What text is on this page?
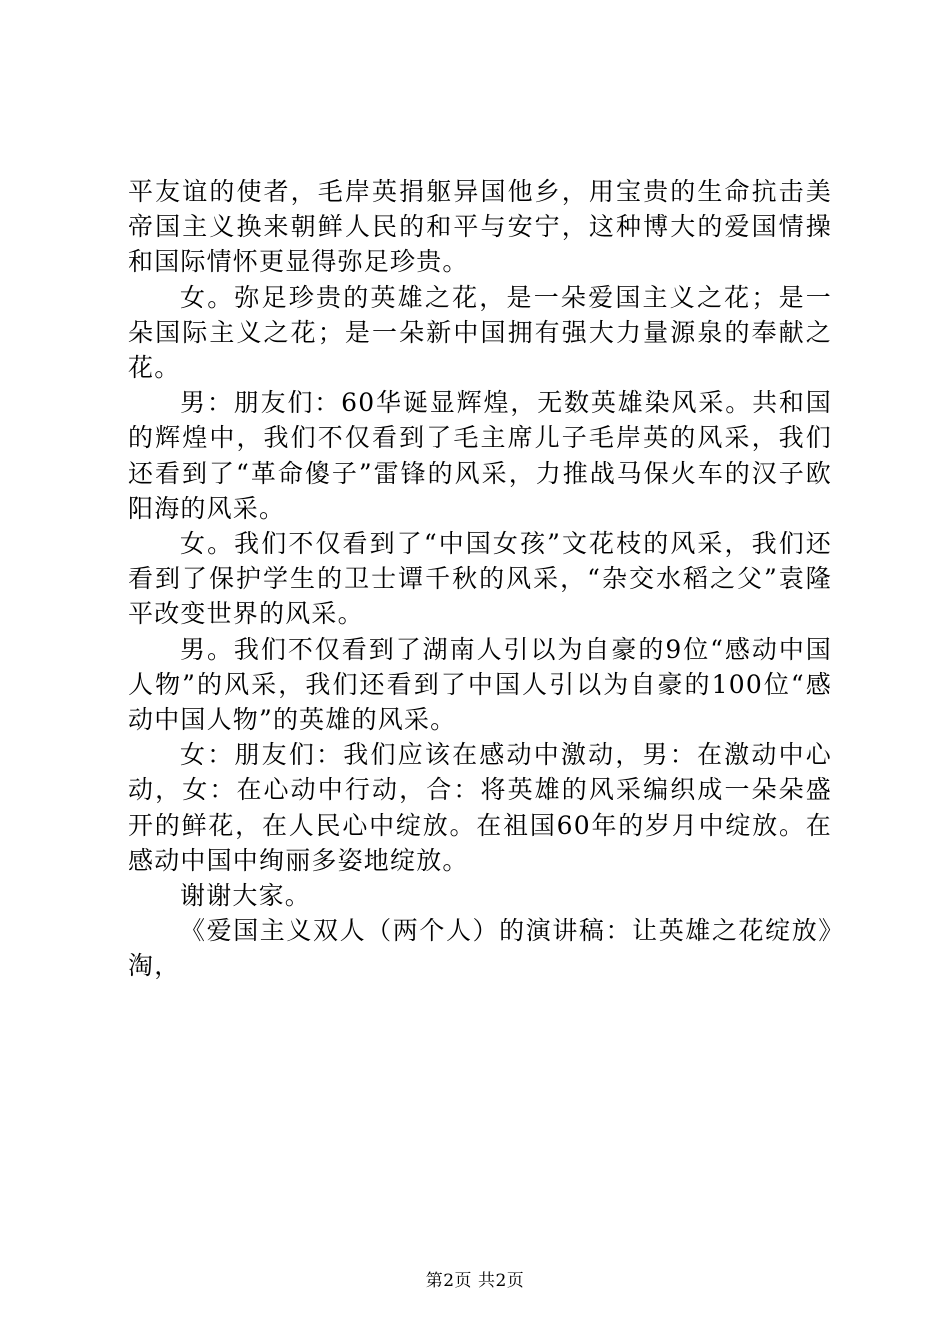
平友谊的使者，毛岸英捐躯异国他乡，用宝贵的生命抗击美帝国主义换来朝鲜人民的和平与安宁，这种博大的爱国情操和国际情怀更显得弥足珍贵。

女。弥足珍贵的英雄之花，是一朵爱国主义之花；是一朵国际主义之花；是一朵新中国拥有强大力量源泉的奉献之花。

男：朋友们：60华诞显辉煌，无数英雄染风采。共和国的辉煌中，我们不仅看到了毛主席儿子毛岸英的风采，我们还看到了“革命傻子”雷锋的风采，力推战马保火车的汉子欧阳海的风采。

女。我们不仅看到了“中国女孩”文花枝的风采，我们还看到了保护学生的卫士谭千秋的风采，“杂交水稻之父”袁隆平改变世界的风采。

男。我们不仅看到了湖南人引以为自豪的9位“感动中国人物”的风采，我们还看到了中国人引以为自豪的100位“感动中国人物”的英雄的风采。

女：朋友们：我们应该在感动中激动，男：在激动中心动，女：在心动中行动，合：将英雄的风采编织成一朵朵盛开的鲜花，在人民心中绽放。在祖国60年的岁月中绽放。在感动中国中绚丽多姿地绽放。

谢谢大家。

《爱国主义双人（两个人）的演讲稿：让英雄之花绽放》淘，

第2页 共2页
